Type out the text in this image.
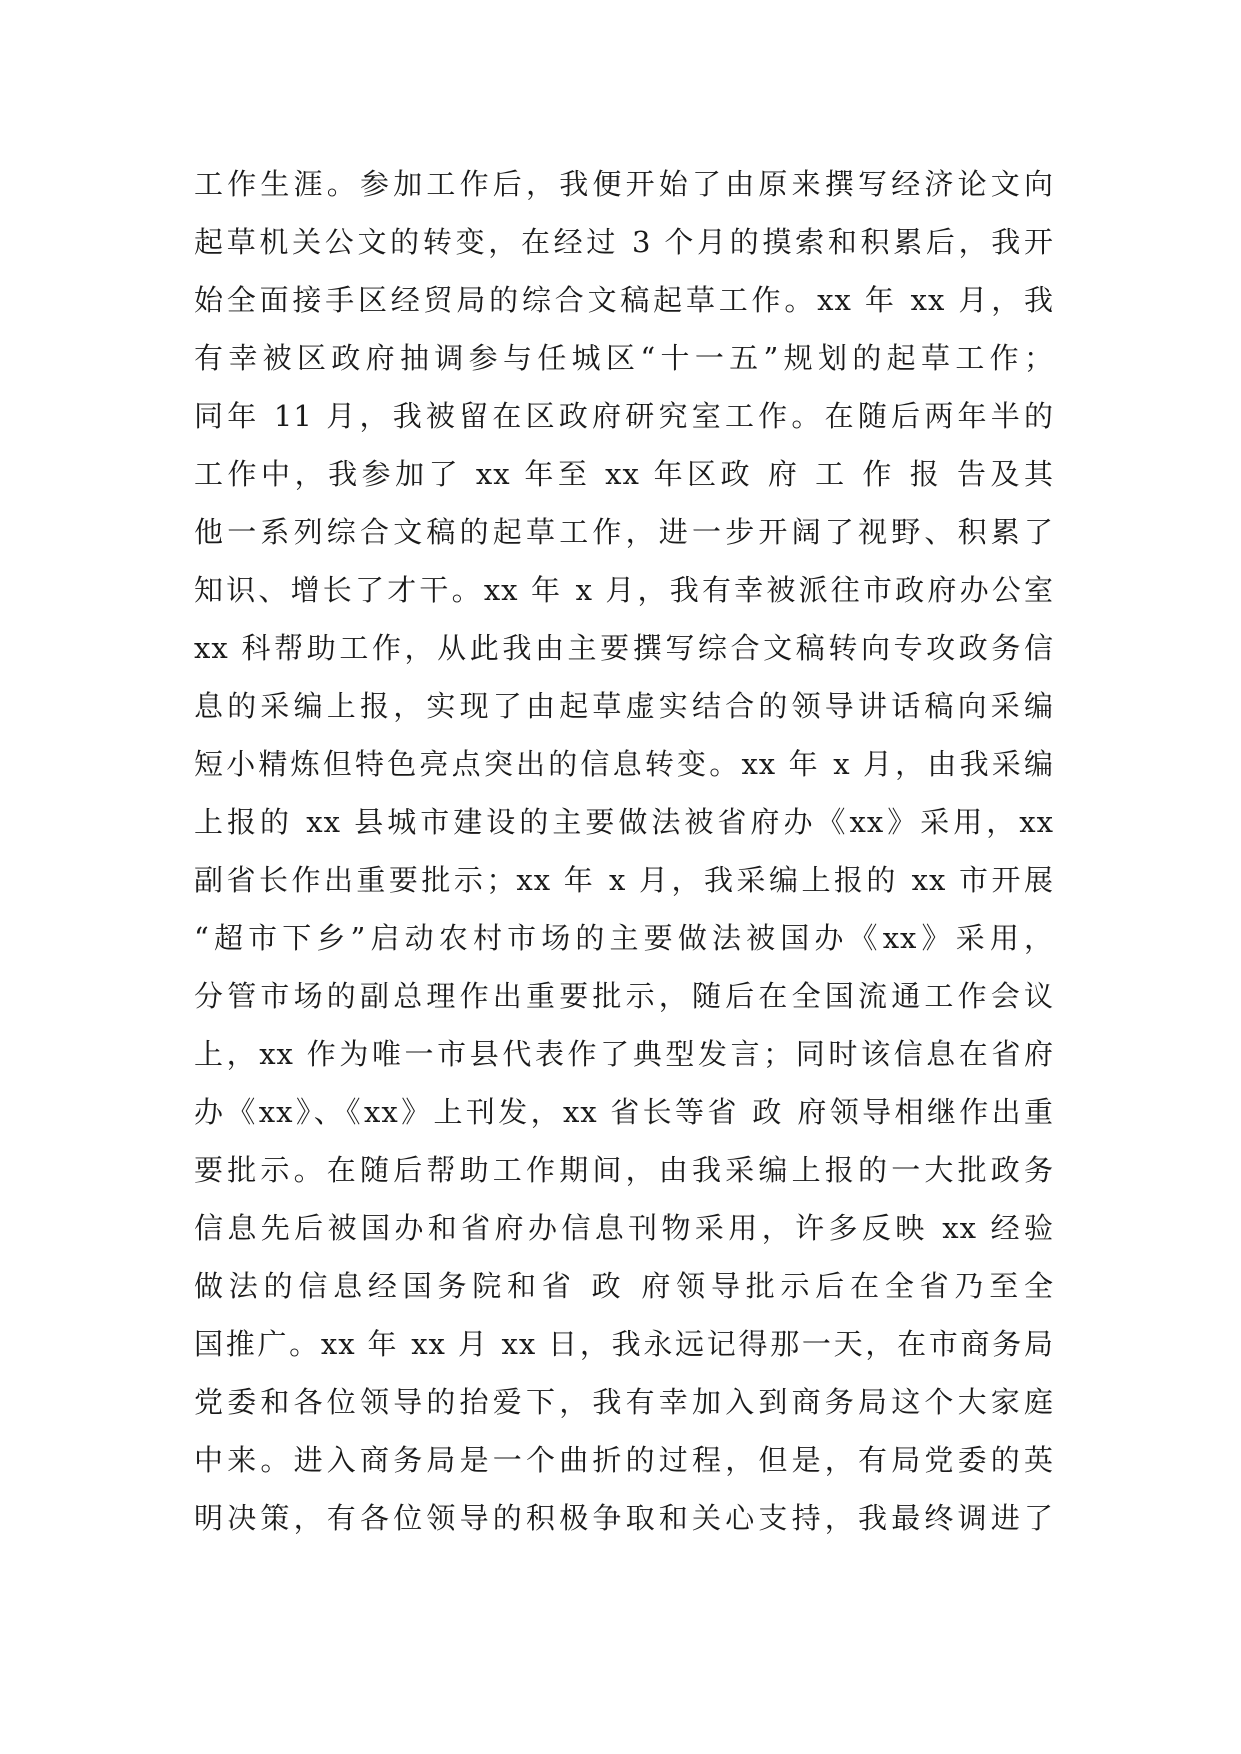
工作生涯。参加工作后，我便开始了由原来撰写经济论文向
起草机关公文的转变，在经过 3 个月的摸索和积累后，我开
始全面接手区经贸局的综合文稿起草工作。xx 年 xx 月，我
有幸被区政府抽调参与任城区“十一五”规划的起草工作；
同年 11 月，我被留在区政府研究室工作。在随后两年半的
工作中，我参加了 xx 年至 xx 年区政 府 工 作 报 告及其
他一系列综合文稿的起草工作，进一步开阔了视野、积累了
知识、增长了才干。xx 年 x 月，我有幸被派往市政府办公室
xx 科帮助工作，从此我由主要撰写综合文稿转向专攻政务信
息的采编上报，实现了由起草虚实结合的领导讲话稿向采编
短小精炼但特色亮点突出的信息转变。xx 年 x 月，由我采编
上报的 xx 县城市建设的主要做法被省府办《xx》采用，xx
副省长作出重要批示；xx 年 x 月，我采编上报的 xx 市开展
“超市下乡”启动农村市场的主要做法被国办《xx》采用，
分管市场的副总理作出重要批示，随后在全国流通工作会议
上，xx 作为唯一市县代表作了典型发言；同时该信息在省府
办《xx》、《xx》上刊发，xx 省长等省 政 府领导相继作出重
要批示。在随后帮助工作期间，由我采编上报的一大批政务
信息先后被国办和省府办信息刊物采用，许多反映 xx 经验
做法的信息经国务院和省 政 府领导批示后在全省乃至全
国推广。xx 年 xx 月 xx 日，我永远记得那一天，在市商务局
党委和各位领导的抬爱下，我有幸加入到商务局这个大家庭
中来。进入商务局是一个曲折的过程，但是，有局党委的英
明决策，有各位领导的积极争取和关心支持，我最终调进了
